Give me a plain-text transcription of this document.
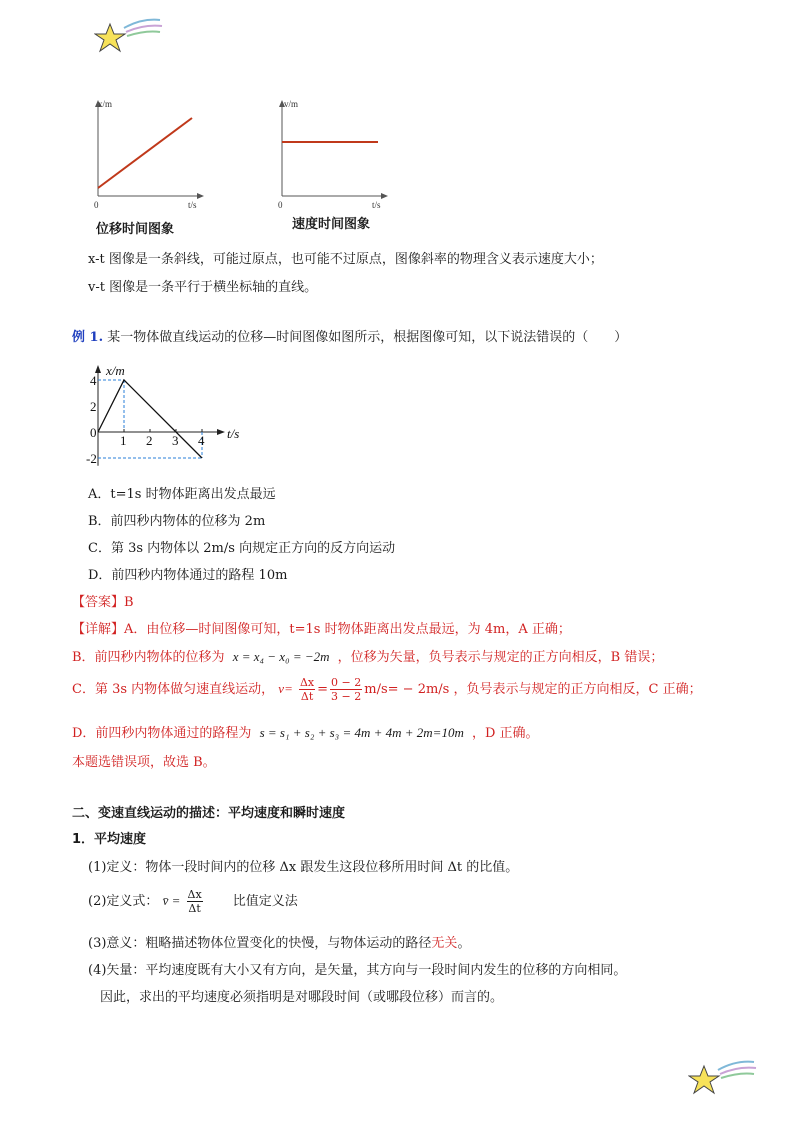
x/m
t/s
0
位移时间图象
v/m
t/s
0
速度时间图象
x-t 图像是一条斜线，可能过原点，也可能不过原点，图像斜率的物理含义表示速度大小；
v-t 图像是一条平行于横坐标轴的直线。
例 1. 某一物体做直线运动的位移—时间图像如图所示，根据图像可知，以下说法错误的（　　）
1 2 3 4
4
2
0
-2
x/m
t/s
A．t=1s 时物体距离出发点最远
B．前四秒内物体的位移为 2m
C．第 3s 内物体以 2m/s 向规定正方向的反方向运动
D．前四秒内物体通过的路程 10m
【答案】B
【详解】A．由位移—时间图像可知，t=1s 时物体距离出发点最远，为 4m，A 正确；
B．前四秒内物体的位移为 x = x₄ − x₀ = −2m ，位移为矢量，负号表示与规定的正方向相反，B 错误；
C．第 3s 内物体做匀速直线运动， $v= \frac{\Delta x}{\Delta t} = \frac{0 - 2}{3 - 2} m/s= - 2m/s$ ，负号表示与规定的正方向相反，C 正确；
D．前四秒内物体通过的路程为 s = s₁ + s₂ + s₃ = 4m + 4m + 2m=10m ，D 正确。
本题选错误项，故选 B。
二、变速直线运动的描述：平均速度和瞬时速度
1．平均速度
(1)定义：物体一段时间内的位移 Δx 跟发生这段位移所用时间 Δt 的比值。
(2)定义式： v̄ = $\frac{\Delta x}{\Delta t}$ 比值定义法
(3)意义：粗略描述物体位置变化的快慢，与物体运动的路径无关。
(4)矢量：平均速度既有大小又有方向，是矢量，其方向与一段时间内发生的位移的方向相同。
因此，求出的平均速度必须指明是对哪段时间（或哪段位移）而言的。
